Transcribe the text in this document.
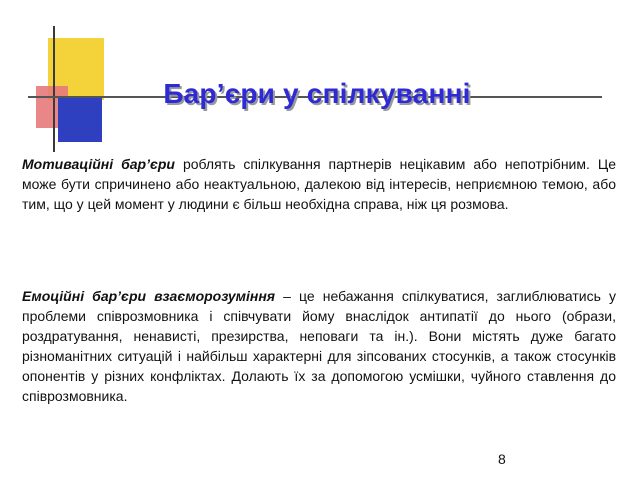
Бар’єри у спілкуванні
Мотиваційні бар’єри роблять спілкування партнерів нецікавим або непотрібним. Це може бути спричинено або неактуальною, далекою від інтересів, неприємною темою, або тим, що у цей момент у людини є більш необхідна справа, ніж ця розмова.
Емоційні бар’єри взаєморозуміння – це небажання спілкуватися, заглиблюватись у проблеми співрозмовника і співчувати йому внаслідок антипатії до нього (образи, роздратування, ненависті, презирства, неповаги та ін.). Вони містять дуже багато різноманітних ситуацій і найбільш характерні для зіпсованих стосунків, а також стосунків опонентів у різних конфліктах. Долають їх за допомогою усмішки, чуйного ставлення до співрозмовника.
8
